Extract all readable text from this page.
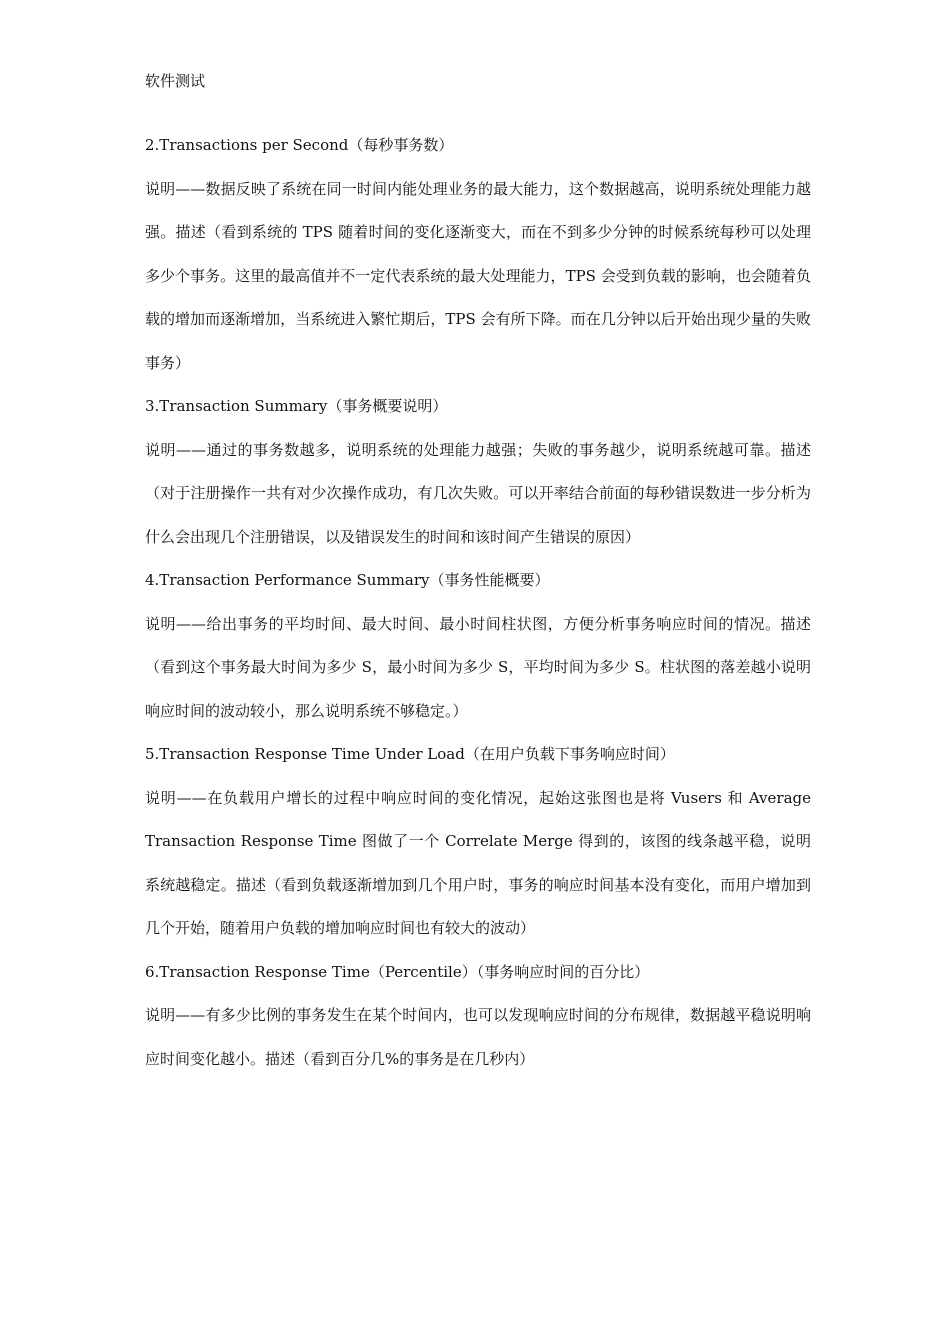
软件测试

2.Transactions per Second（每秒事务数）

说明——数据反映了系统在同一时间内能处理业务的最大能力，这个数据越高，说明系统处理能力越强。描述（看到系统的 TPS 随着时间的变化逐渐变大，而在不到多少分钟的时候系统每秒可以处理多少个事务。这里的最高值并不一定代表系统的最大处理能力，TPS 会受到负载的影响，也会随着负载的增加而逐渐增加，当系统进入繁忙期后，TPS 会有所下降。而在几分钟以后开始出现少量的失败事务）

3.Transaction Summary（事务概要说明）

说明——通过的事务数越多，说明系统的处理能力越强；失败的事务越少，说明系统越可靠。描述（对于注册操作一共有对少次操作成功，有几次失败。可以开率结合前面的每秒错误数进一步分析为什么会出现几个注册错误，以及错误发生的时间和该时间产生错误的原因）

4.Transaction Performance Summary（事务性能概要）

说明——给出事务的平均时间、最大时间、最小时间柱状图，方便分析事务响应时间的情况。描述（看到这个事务最大时间为多少 S，最小时间为多少 S，平均时间为多少 S。柱状图的落差越小说明响应时间的波动较小，那么说明系统不够稳定。）

5.Transaction Response Time Under Load（在用户负载下事务响应时间）

说明——在负载用户增长的过程中响应时间的变化情况，起始这张图也是将 Vusers 和 Average Transaction Response Time 图做了一个 Correlate Merge 得到的，该图的线条越平稳，说明系统越稳定。描述（看到负载逐渐增加到几个用户时，事务的响应时间基本没有变化，而用户增加到几个开始，随着用户负载的增加响应时间也有较大的波动）

6.Transaction Response Time（Percentile）（事务响应时间的百分比）

说明——有多少比例的事务发生在某个时间内，也可以发现响应时间的分布规律，数据越平稳说明响应时间变化越小。描述（看到百分几%的事务是在几秒内）
